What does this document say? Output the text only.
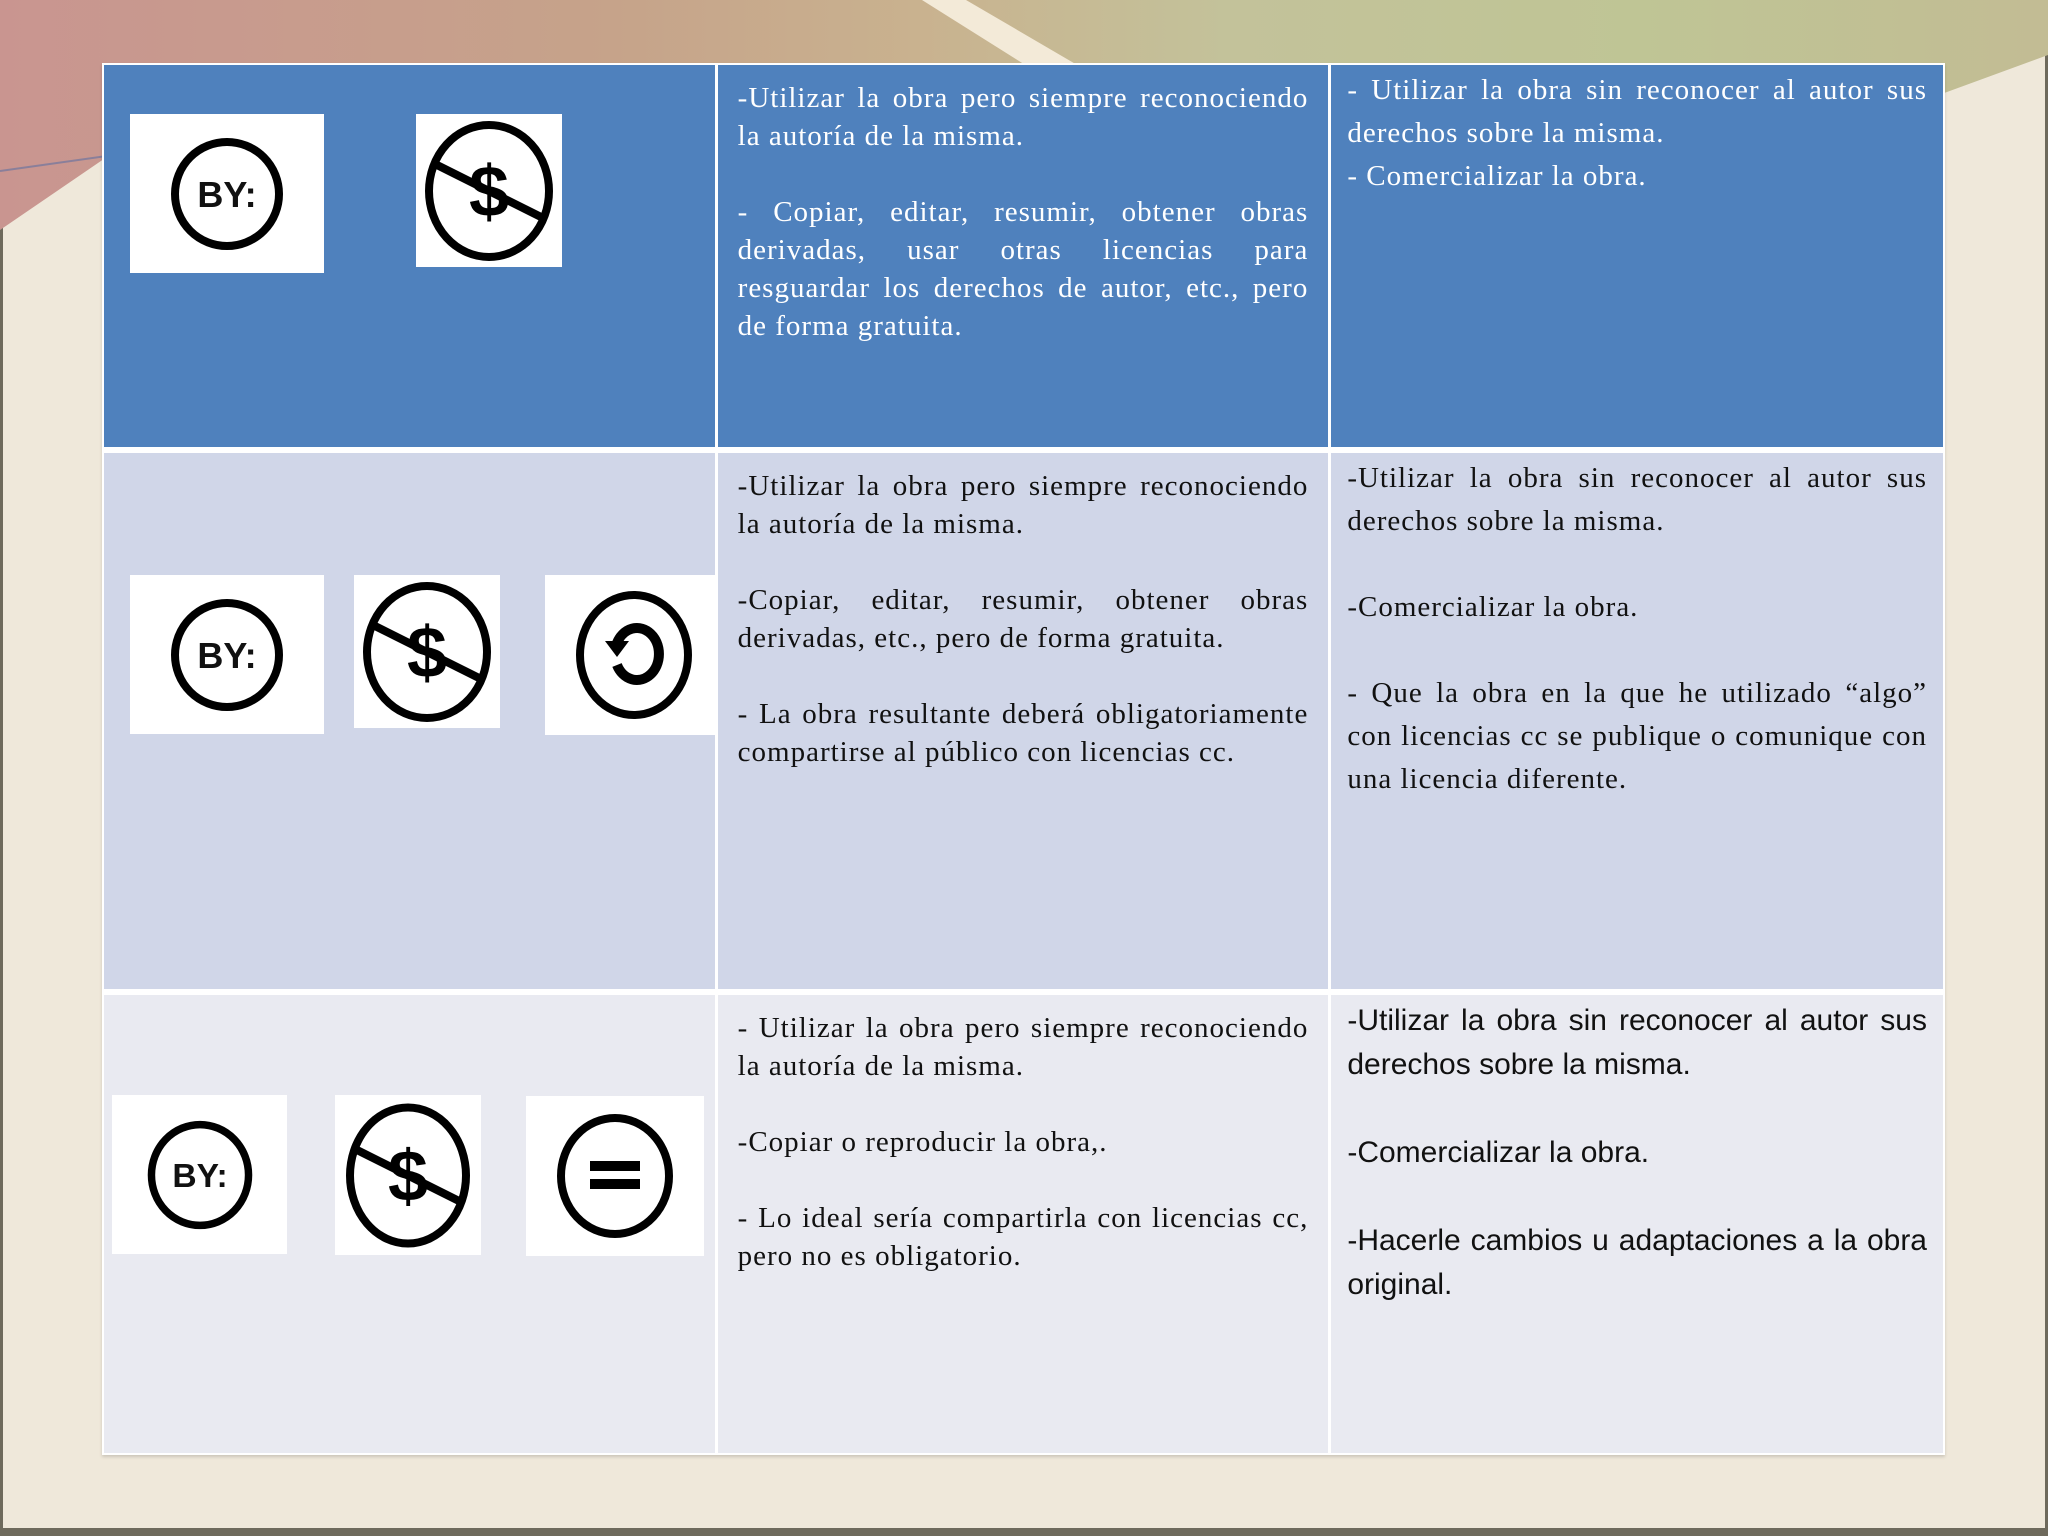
BY:	$

-Utilizar la obra pero siempre reconociendo la autoría de la misma.

- Copiar, editar, resumir, obtener obras derivadas, usar otras licencias para resguardar los derechos de autor, etc., pero de forma gratuita.

- Utilizar la obra sin reconocer al autor sus derechos sobre la misma.

- Comercializar la obra.

BY: $

-Utilizar la obra pero siempre reconociendo la autoría de la misma.

-Copiar, editar, resumir, obtener obras derivadas, etc., pero de forma gratuita.

- La obra resultante deberá obligatoriamente compartirse al público con licencias cc.

-Utilizar la obra sin reconocer al autor sus derechos sobre la misma.

-Comercializar la obra.

- Que la obra en la que he utilizado “algo” con licencias cc se publique o comunique con una licencia diferente.

BY: $

- Utilizar la obra pero siempre reconociendo la autoría de la misma.

-Copiar o reproducir la obra,.

- Lo ideal sería compartirla con licencias cc, pero no es obligatorio.

-Utilizar la obra sin reconocer al autor sus derechos sobre la misma.

-Comercializar la obra.

-Hacerle cambios u adaptaciones a la obra original.
